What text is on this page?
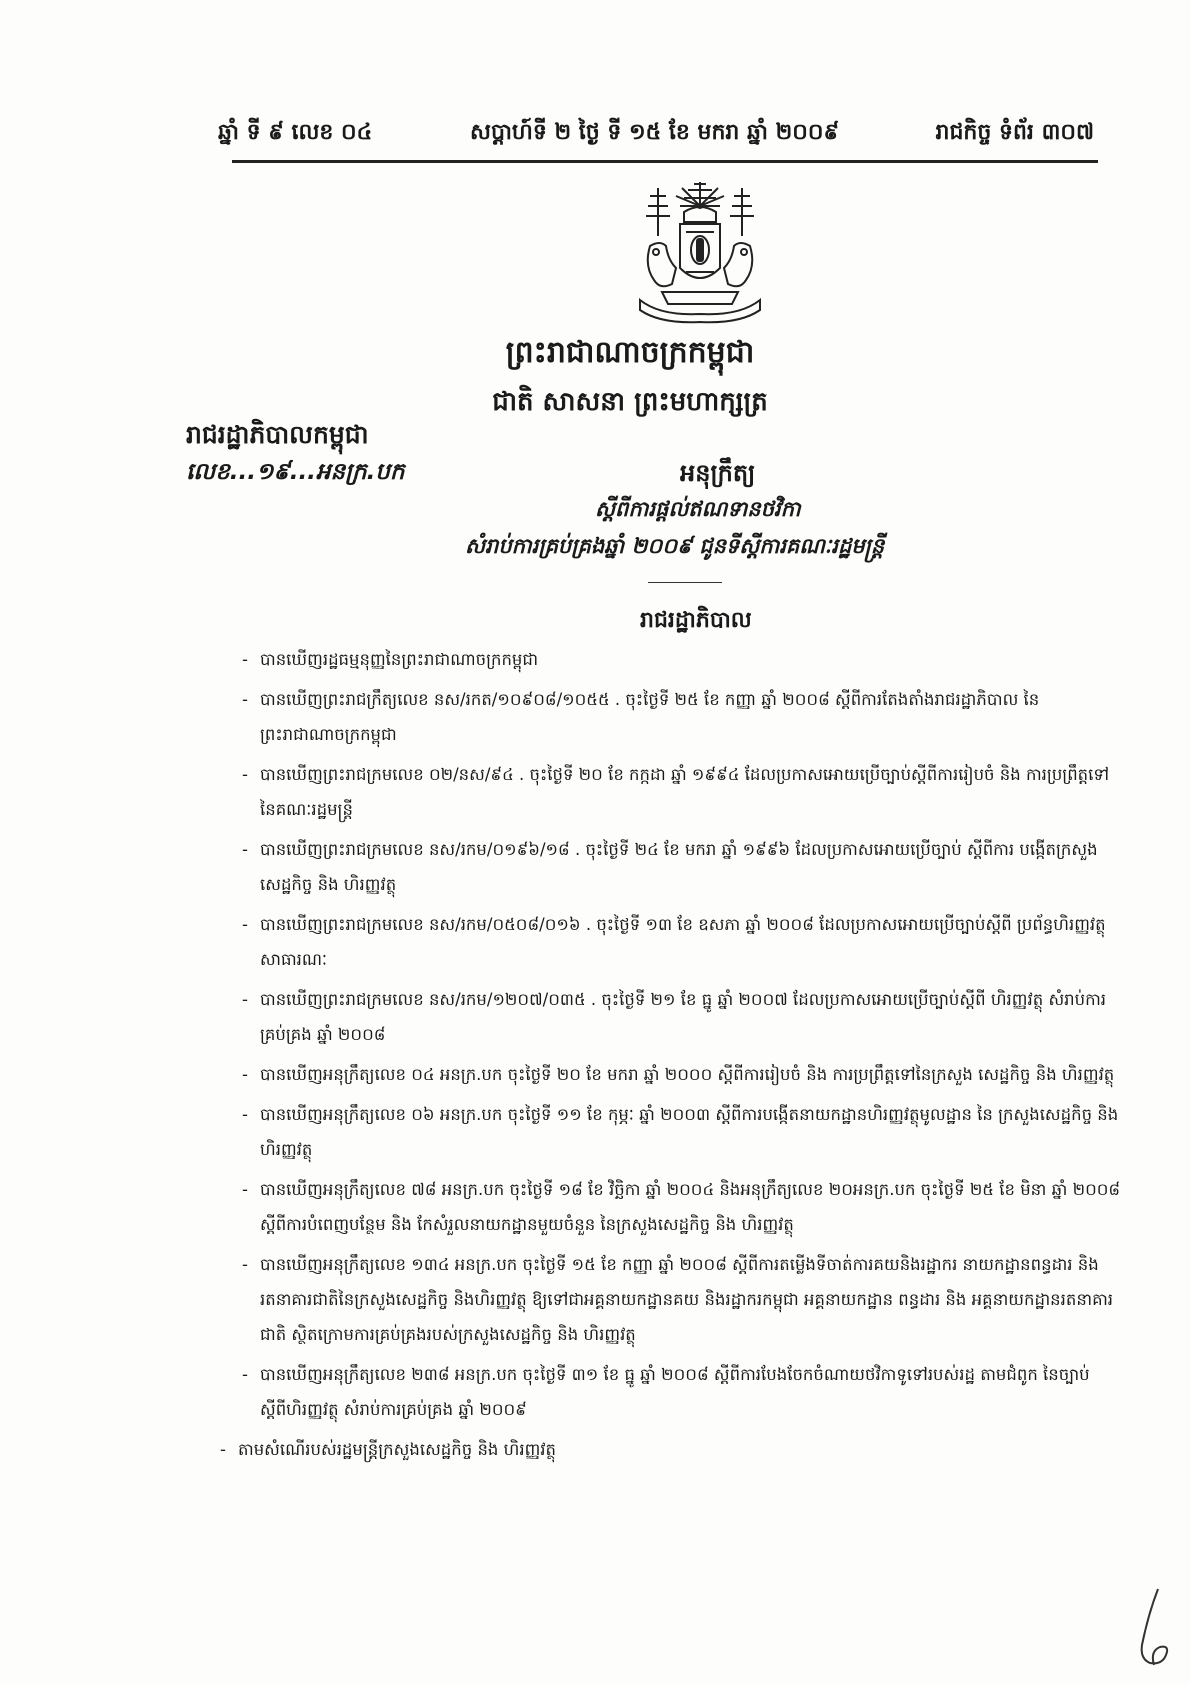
ឆ្នាំ ទី ៩ លេខ ០៤	សប្តាហ៍ទី ២ ថ្ងៃ ទី ១៥ ខែ មករា ឆ្នាំ ២០០៩	រាជកិច្ច ទំព័រ ៣០៧
ព្រះរាជាណាចក្រកម្ពុជា
ជាតិ សាសនា ព្រះមហាក្សត្រ
រាជរដ្ឋាភិបាលកម្ពុជា
លេខ...១៩...អនក្រ.បក	អនុក្រឹត្យ
ស្តីពីការផ្តល់ឥណទានថវិកា
សំរាប់ការគ្រប់គ្រងឆ្នាំ ២០០៩ ជូនទីស្តីការគណៈរដ្ឋមន្ត្រី
រាជរដ្ឋាភិបាល
- បានឃើញរដ្ឋធម្មនុញ្ញនៃព្រះរាជាណាចក្រកម្ពុជា
- បានឃើញព្រះរាជក្រឹត្យលេខ នស/រកត/១០៩០៨/១០៥៥ . ចុះថ្ងៃទី ២៥ ខែ កញ្ញា ឆ្នាំ ២០០៨ ស្តីពីការតែងតាំងរាជរដ្ឋាភិបាល នៃព្រះរាជាណាចក្រកម្ពុជា
- បានឃើញព្រះរាជក្រមលេខ ០២/នស/៩៤ . ចុះថ្ងៃទី ២០ ខែ កក្កដា ឆ្នាំ ១៩៩៤ ដែលប្រកាសអោយប្រើច្បាប់ស្តីពីការរៀបចំ និង ការប្រព្រឹត្តទៅនៃគណៈរដ្ឋមន្ត្រី
- បានឃើញព្រះរាជក្រមលេខ នស/រកម/០១៩៦/១៨ . ចុះថ្ងៃទី ២៤ ខែ មករា ឆ្នាំ ១៩៩៦ ដែលប្រកាសអោយប្រើច្បាប់ ស្តីពីការ បង្កើតក្រសួងសេដ្ឋកិច្ច និង ហិរញ្ញវត្ថុ
- បានឃើញព្រះរាជក្រមលេខ នស/រកម/០៥០៨/០១៦ . ចុះថ្ងៃទី ១៣ ខែ ឧសភា ឆ្នាំ ២០០៨ ដែលប្រកាសអោយប្រើច្បាប់ស្តីពី ប្រព័ន្ធហិរញ្ញវត្ថុសាធារណៈ
- បានឃើញព្រះរាជក្រមលេខ នស/រកម/១២០៧/០៣៥ . ចុះថ្ងៃទី ២១ ខែ ធ្នូ ឆ្នាំ ២០០៧ ដែលប្រកាសអោយប្រើច្បាប់ស្តីពី ហិរញ្ញវត្ថុ សំរាប់ការគ្រប់គ្រង ឆ្នាំ ២០០៨
- បានឃើញអនុក្រឹត្យលេខ ០៤ អនក្រ.បក ចុះថ្ងៃទី ២០ ខែ មករា ឆ្នាំ ២០០០ ស្តីពីការរៀបចំ និង ការប្រព្រឹត្តទៅនៃក្រសួង សេដ្ឋកិច្ច និង ហិរញ្ញវត្ថុ
- បានឃើញអនុក្រឹត្យលេខ ០៦ អនក្រ.បក ចុះថ្ងៃទី ១១ ខែ កុម្ភៈ ឆ្នាំ ២០០៣ ស្តីពីការបង្កើតនាយកដ្ឋានហិរញ្ញវត្ថុមូលដ្ឋាន នៃ ក្រសួងសេដ្ឋកិច្ច និង ហិរញ្ញវត្ថុ
- បានឃើញអនុក្រឹត្យលេខ ៧៨ អនក្រ.បក ចុះថ្ងៃទី ១៨ ខែ វិច្ឆិកា ឆ្នាំ ២០០៤ និងអនុក្រឹត្យលេខ ២០អនក្រ.បក ចុះថ្ងៃទី ២៥ ខែ មិនា ឆ្នាំ ២០០៨ ស្តីពីការបំពេញបន្ថែម និង កែសំរួលនាយកដ្ឋានមួយចំនួន នៃក្រសួងសេដ្ឋកិច្ច និង ហិរញ្ញវត្ថុ
- បានឃើញអនុក្រឹត្យលេខ ១៣៤ អនក្រ.បក ចុះថ្ងៃទី ១៥ ខែ កញ្ញា ឆ្នាំ ២០០៨ ស្តីពីការតម្លើងទីចាត់ការគយនិងរដ្ឋាករ នាយកដ្ឋានពន្ធដារ និងរតនាគារជាតិនៃក្រសួងសេដ្ឋកិច្ច និងហិរញ្ញវត្ថុ ឱ្យទៅជាអគ្គនាយកដ្ឋានគយ និងរដ្ឋាករកម្ពុជា អគ្គនាយកដ្ឋាន ពន្ធដារ និង អគ្គនាយកដ្ឋានរតនាគារជាតិ ស្ថិតក្រោមការគ្រប់គ្រងរបស់ក្រសួងសេដ្ឋកិច្ច និង ហិរញ្ញវត្ថុ
- បានឃើញអនុក្រឹត្យលេខ ២៣៨ អនក្រ.បក ចុះថ្ងៃទី ៣១ ខែ ធ្នូ ឆ្នាំ ២០០៨ ស្តីពីការបែងចែកចំណាយថវិកាទូទៅរបស់រដ្ឋ តាមជំពូក នៃច្បាប់ស្តីពីហិរញ្ញវត្ថុ សំរាប់ការគ្រប់គ្រង ឆ្នាំ ២០០៩
- តាមសំណើរបស់រដ្ឋមន្ត្រីក្រសួងសេដ្ឋកិច្ច និង ហិរញ្ញវត្ថុ
